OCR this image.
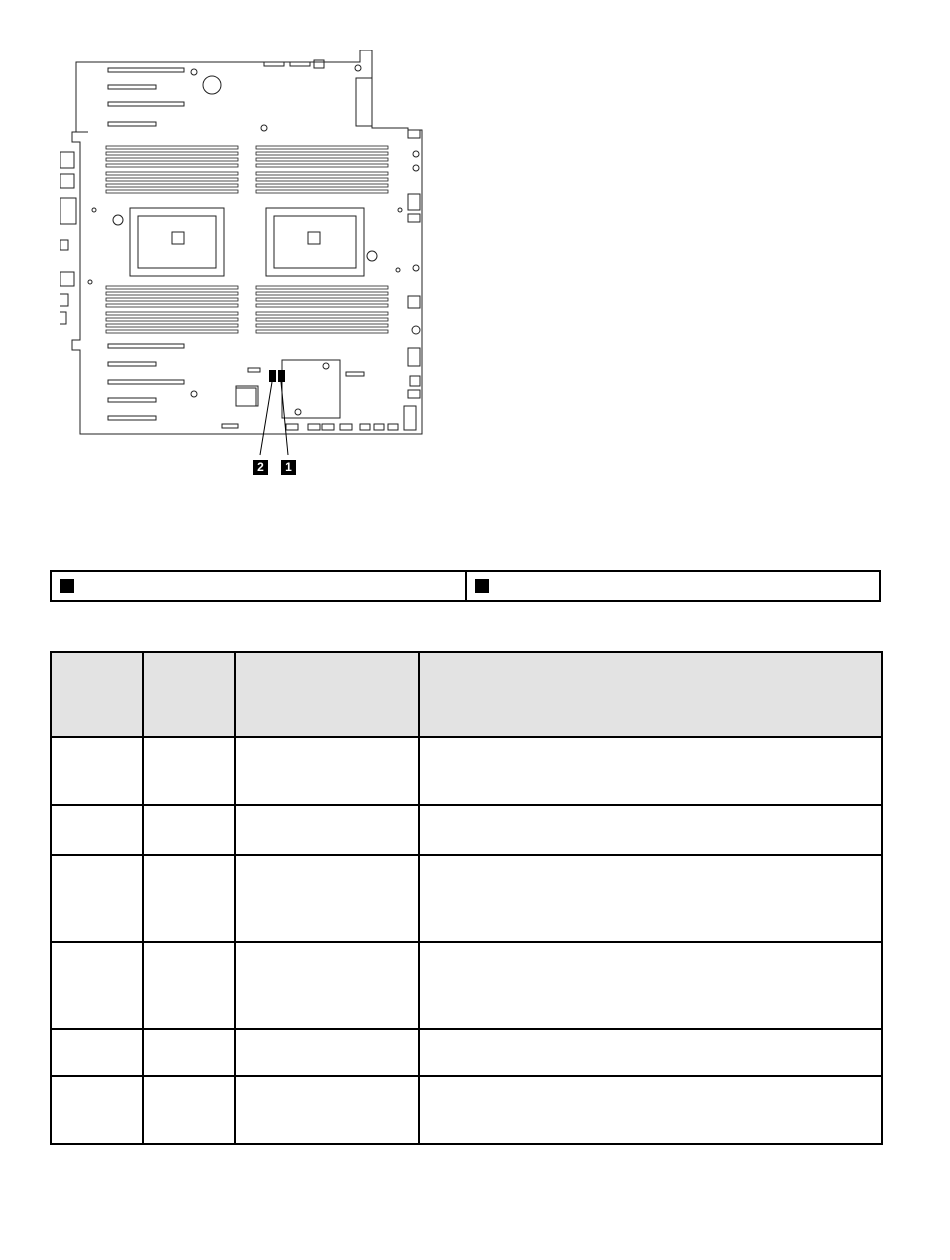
2	1
